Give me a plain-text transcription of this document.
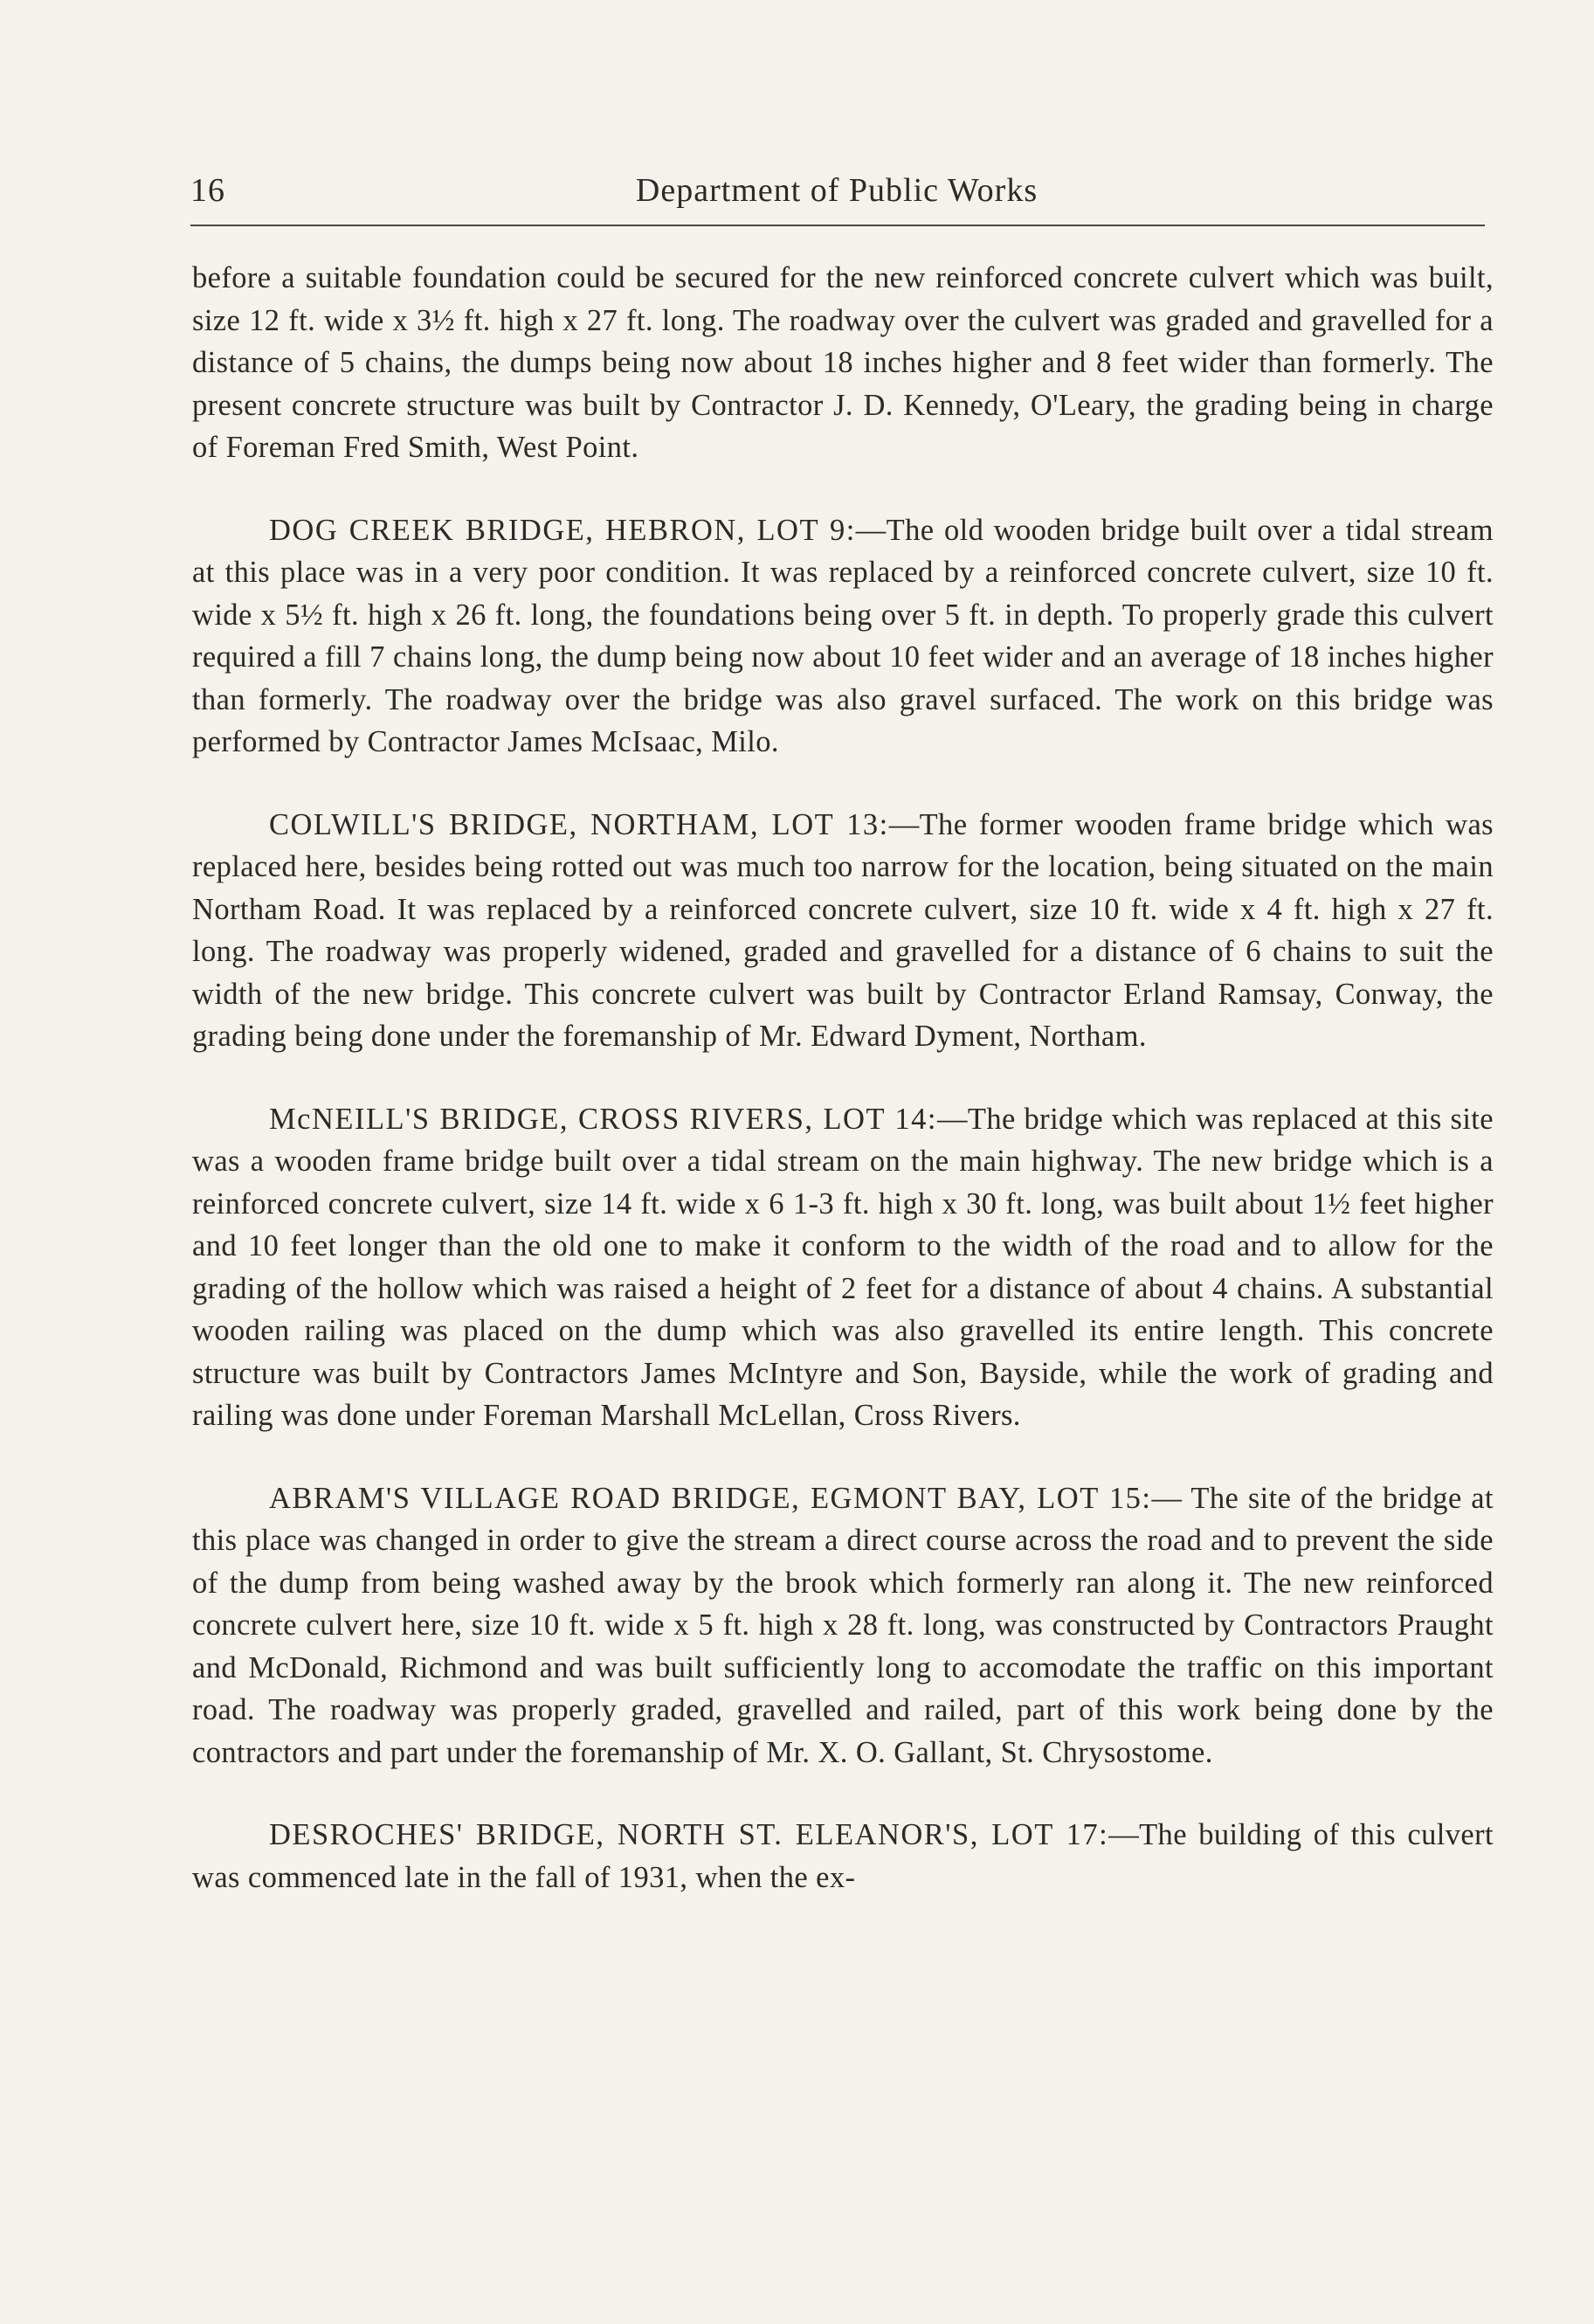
16	Department of Public Works

before a suitable foundation could be secured for the new reinforced concrete culvert which was built, size 12 ft. wide x 3½ ft. high x 27 ft. long. The roadway over the culvert was graded and gravelled for a distance of 5 chains, the dumps being now about 18 inches higher and 8 feet wider than formerly. The present concrete structure was built by Contractor J. D. Kennedy, O'Leary, the grading being in charge of Foreman Fred Smith, West Point.

DOG CREEK BRIDGE, HEBRON, LOT 9:—The old wooden bridge built over a tidal stream at this place was in a very poor condition. It was replaced by a reinforced concrete culvert, size 10 ft. wide x 5½ ft. high x 26 ft. long, the foundations being over 5 ft. in depth. To properly grade this culvert required a fill 7 chains long, the dump being now about 10 feet wider and an average of 18 inches higher than formerly. The roadway over the bridge was also gravel surfaced. The work on this bridge was performed by Contractor James McIsaac, Milo.

COLWILL'S BRIDGE, NORTHAM, LOT 13:—The former wooden frame bridge which was replaced here, besides being rotted out was much too narrow for the location, being situated on the main Northam Road. It was replaced by a reinforced concrete culvert, size 10 ft. wide x 4 ft. high x 27 ft. long. The roadway was properly widened, graded and gravelled for a distance of 6 chains to suit the width of the new bridge. This concrete culvert was built by Contractor Erland Ramsay, Conway, the grading being done under the foremanship of Mr. Edward Dyment, Northam.

McNEILL'S BRIDGE, CROSS RIVERS, LOT 14:—The bridge which was replaced at this site was a wooden frame bridge built over a tidal stream on the main highway. The new bridge which is a reinforced concrete culvert, size 14 ft. wide x 6 1-3 ft. high x 30 ft. long, was built about 1½ feet higher and 10 feet longer than the old one to make it conform to the width of the road and to allow for the grading of the hollow which was raised a height of 2 feet for a distance of about 4 chains. A substantial wooden railing was placed on the dump which was also gravelled its entire length. This concrete structure was built by Contractors James McIntyre and Son, Bayside, while the work of grading and railing was done under Foreman Marshall McLellan, Cross Rivers.

ABRAM'S VILLAGE ROAD BRIDGE, EGMONT BAY, LOT 15:— The site of the bridge at this place was changed in order to give the stream a direct course across the road and to prevent the side of the dump from being washed away by the brook which formerly ran along it. The new reinforced concrete culvert here, size 10 ft. wide x 5 ft. high x 28 ft. long, was constructed by Contractors Praught and McDonald, Richmond and was built sufficiently long to accomodate the traffic on this important road. The roadway was properly graded, gravelled and railed, part of this work being done by the contractors and part under the foremanship of Mr. X. O. Gallant, St. Chrysostome.

DESROCHES' BRIDGE, NORTH ST. ELEANOR'S, LOT 17:—The building of this culvert was commenced late in the fall of 1931, when the ex-
